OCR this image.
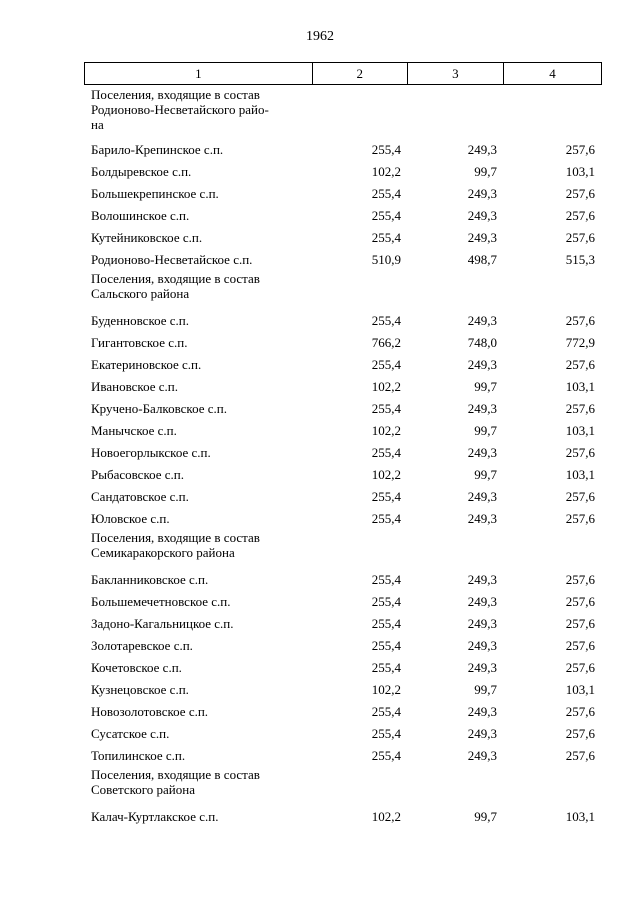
1962
1	2	3	4
Поселения, входящие в состав
Родионово-Несветайского райо-
на
Барило-Крепинское с.п.	255,4	249,3	257,6
Болдыревское с.п.	102,2	99,7	103,1
Большекрепинское с.п.	255,4	249,3	257,6
Волошинское с.п.	255,4	249,3	257,6
Кутейниковское с.п.	255,4	249,3	257,6
Родионово-Несветайское с.п.	510,9	498,7	515,3
Поселения, входящие в состав
Сальского района
Буденновское с.п.	255,4	249,3	257,6
Гигантовское с.п.	766,2	748,0	772,9
Екатериновское с.п.	255,4	249,3	257,6
Ивановское с.п.	102,2	99,7	103,1
Кручено-Балковское с.п.	255,4	249,3	257,6
Манычское с.п.	102,2	99,7	103,1
Новоегорлыкское с.п.	255,4	249,3	257,6
Рыбасовское с.п.	102,2	99,7	103,1
Сандатовское с.п.	255,4	249,3	257,6
Юловское с.п.	255,4	249,3	257,6
Поселения, входящие в состав
Семикаракорского района
Бакланниковское с.п.	255,4	249,3	257,6
Большемечетновское с.п.	255,4	249,3	257,6
Задоно-Кагальницкое с.п.	255,4	249,3	257,6
Золотаревское с.п.	255,4	249,3	257,6
Кочетовское с.п.	255,4	249,3	257,6
Кузнецовское с.п.	102,2	99,7	103,1
Новозолотовское с.п.	255,4	249,3	257,6
Сусатское с.п.	255,4	249,3	257,6
Топилинское с.п.	255,4	249,3	257,6
Поселения, входящие в состав
Советского района
Калач-Куртлакское с.п.	102,2	99,7	103,1
